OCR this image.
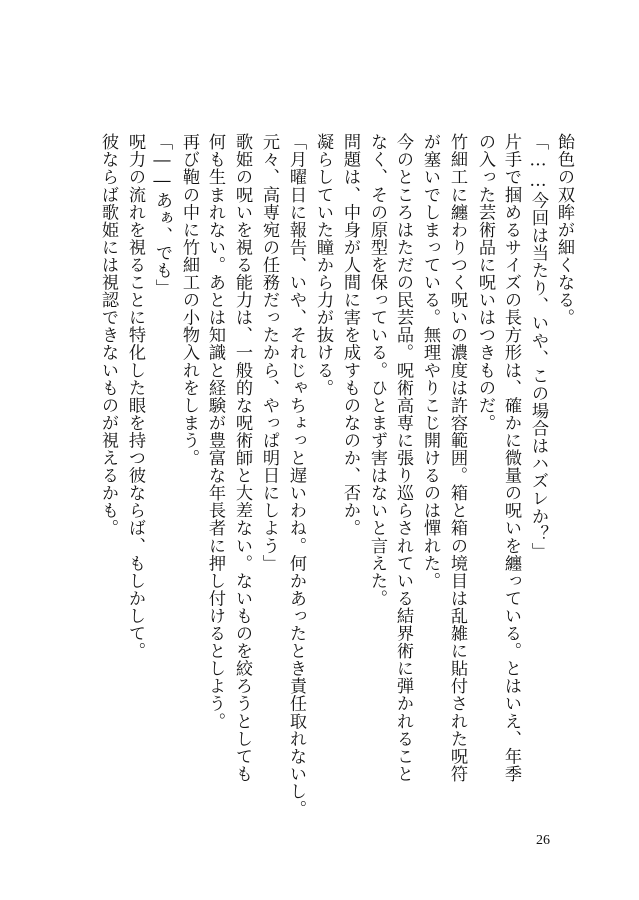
飴色の双眸が細くなる。
「……今回は当たり、いや、この場合はハズレか？」
片手で掴めるサイズの長方形は、確かに微量の呪いを纏っている。とはいえ、年季
の入った芸術品に呪いはつきものだ。
竹細工に纏わりつく呪いの濃度は許容範囲。箱と箱の境目は乱雑に貼付された呪符
が塞いでしまっている。無理やりこじ開けるのは憚れた。
今のところはただの民芸品。呪術高専に張り巡らされている結界術に弾かれること
なく、その原型を保っている。ひとまず害はないと言えた。
問題は、中身が人間に害を成すものなのか、否か。
凝らしていた瞳から力が抜ける。
「月曜日に報告、いや、それじゃちょっと遅いわね。何かあったとき責任取れないし。
元々、高専宛の任務だったから、やっぱ明日にしよう」
歌姫の呪いを視る能力は、一般的な呪術師と大差ない。ないものを絞ろうとしても
何も生まれない。あとは知識と経験が豊富な年長者に押し付けるとしよう。
再び鞄の中に竹細工の小物入れをしまう。
「――あぁ、でも」
呪力の流れを視ることに特化した眼を持つ彼ならば、もしかして。
彼ならば歌姫には視認できないものが視えるかも。
26
